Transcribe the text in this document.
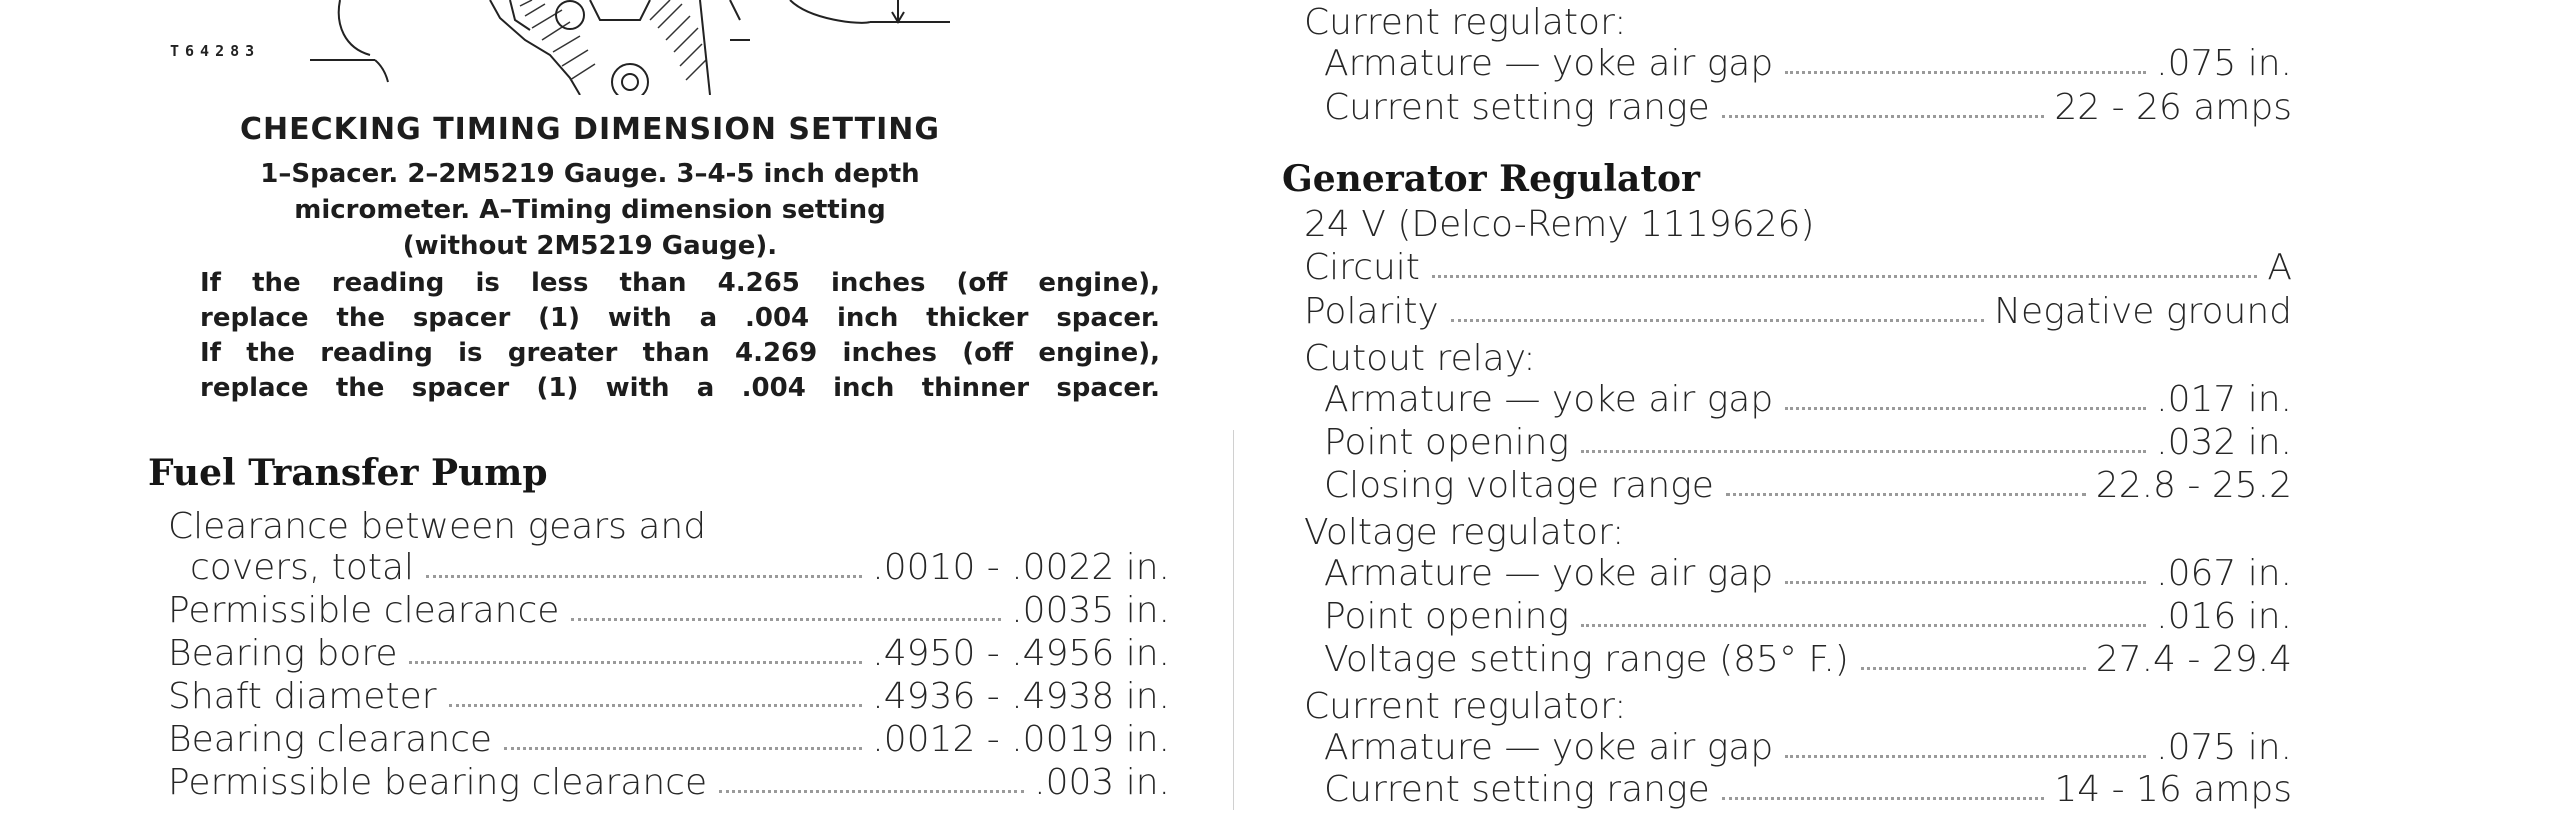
T64283
CHECKING TIMING DIMENSION SETTING
1–Spacer. 2–2M5219 Gauge. 3–4-5 inch depth
micrometer. A–Timing dimension setting
(without 2M5219 Gauge).
If the reading is less than 4.265 inches (off engine),
replace the spacer (1) with a .004 inch thicker spacer.
If the reading is greater than 4.269 inches (off engine),
replace the spacer (1) with a .004 inch thinner spacer.
Fuel Transfer Pump
Clearance between gears and
covers, total	.0010 - .0022 in.
Permissible clearance	.0035 in.
Bearing bore	.4950 - .4956 in.
Shaft diameter	.4936 - .4938 in.
Bearing clearance	.0012 - .0019 in.
Permissible bearing clearance	.003 in.
Current regulator:
Armature — yoke air gap	.075 in.
Current setting range	22 - 26 amps
Generator Regulator
24 V (Delco-Remy 1119626)
Circuit	A
Polarity	Negative ground
Cutout relay:
Armature — yoke air gap	.017 in.
Point opening	.032 in.
Closing voltage range	22.8 - 25.2
Voltage regulator:
Armature — yoke air gap	.067 in.
Point opening	.016 in.
Voltage setting range (85° F.)	27.4 - 29.4
Current regulator:
Armature — yoke air gap	.075 in.
Current setting range	14 - 16 amps
